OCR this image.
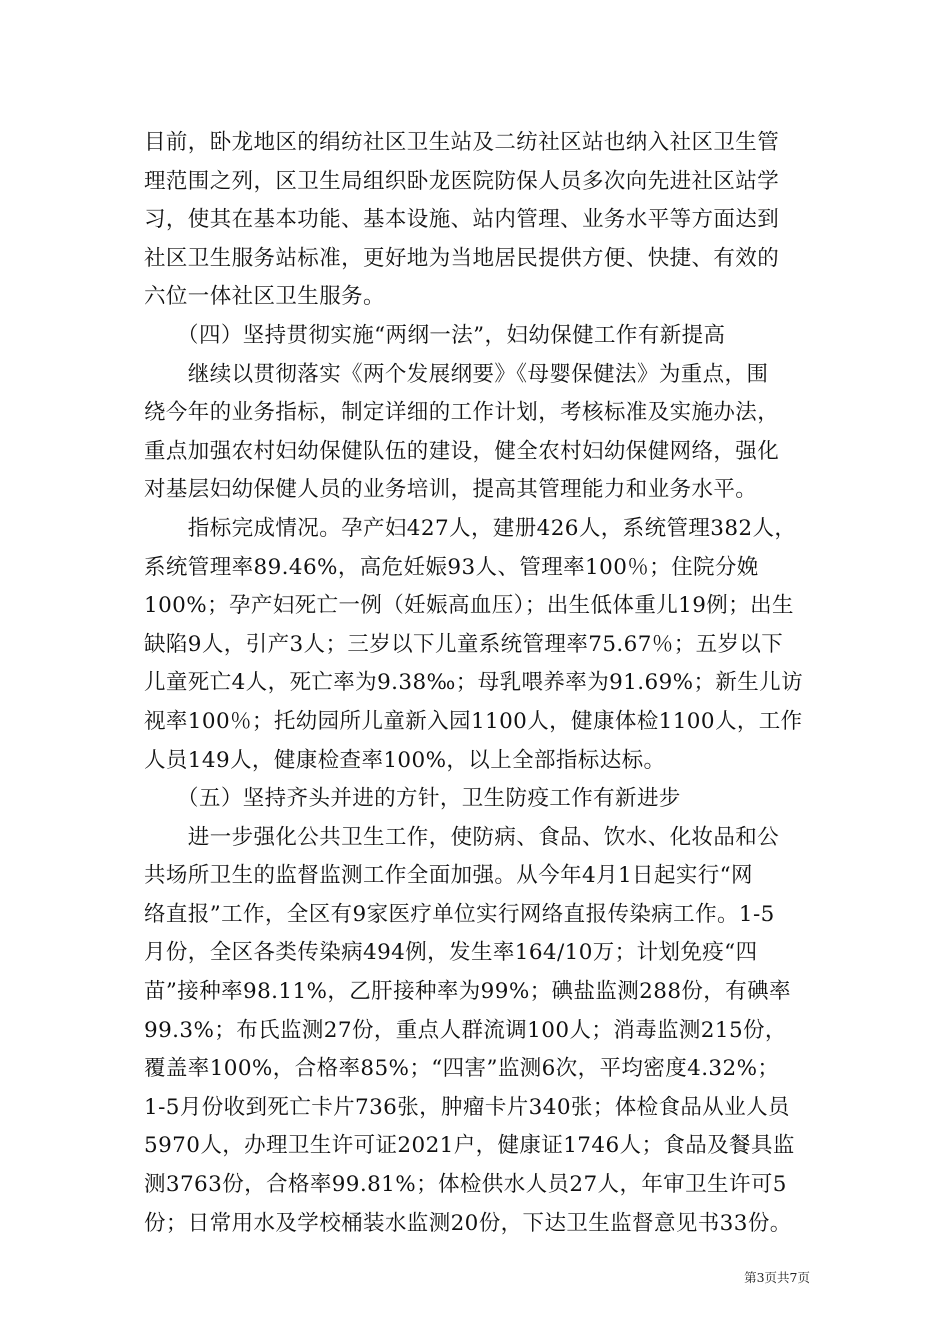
目前，卧龙地区的绢纺社区卫生站及二纺社区站也纳入社区卫生管
理范围之列，区卫生局组织卧龙医院防保人员多次向先进社区站学
习，使其在基本功能、基本设施、站内管理、业务水平等方面达到
社区卫生服务站标准，更好地为当地居民提供方便、快捷、有效的
六位一体社区卫生服务。
　　（四）坚持贯彻实施“两纲一法”，妇幼保健工作有新提高
　　继续以贯彻落实《两个发展纲要》《母婴保健法》为重点，围
绕今年的业务指标，制定详细的工作计划，考核标准及实施办法，
重点加强农村妇幼保健队伍的建设，健全农村妇幼保健网络，强化
对基层妇幼保健人员的业务培训，提高其管理能力和业务水平。
　　指标完成情况。孕产妇427人，建册426人，系统管理382人，
系统管理率89.46%，高危妊娠93人、管理率100％；住院分娩
100%；孕产妇死亡一例（妊娠高血压）；出生低体重儿19例；出生
缺陷9人，引产3人；三岁以下儿童系统管理率75.67％；五岁以下
儿童死亡4人，死亡率为9.38‰；母乳喂养率为91.69%；新生儿访
视率100％；托幼园所儿童新入园1100人，健康体检1100人，工作
人员149人，健康检查率100%，以上全部指标达标。
　　（五）坚持齐头并进的方针，卫生防疫工作有新进步
　　进一步强化公共卫生工作，使防病、食品、饮水、化妆品和公
共场所卫生的监督监测工作全面加强。从今年4月1日起实行“网
络直报”工作，全区有9家医疗单位实行网络直报传染病工作。1-5
月份，全区各类传染病494例，发生率164/10万；计划免疫“四
苗”接种率98.11%，乙肝接种率为99%；碘盐监测288份，有碘率
99.3%；布氏监测27份，重点人群流调100人；消毒监测215份，
覆盖率100%，合格率85%；“四害”监测6次，平均密度4.32%；
1-5月份收到死亡卡片736张，肿瘤卡片340张；体检食品从业人员
5970人，办理卫生许可证2021户，健康证1746人；食品及餐具监
测3763份，合格率99.81%；体检供水人员27人，年审卫生许可5
份；日常用水及学校桶装水监测20份，下达卫生监督意见书33份。
第3页共7页
